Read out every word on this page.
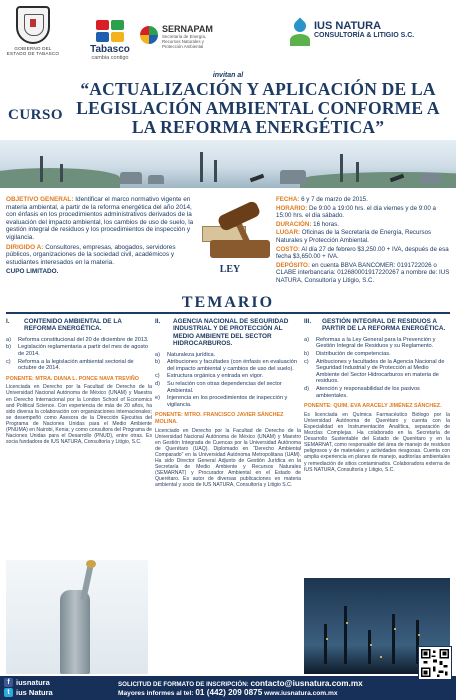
GOBIERNO DEL ESTADO DE TABASCO	Tabasco
cambia contigo
SERNAPAM
Secretaría de Energía, Recursos Naturales y Protección Ambiental
IUS NATURA
CONSULTORÍA & LITIGIO S.C.
invitan al
CURSO
“ACTUALIZACIÓN Y APLICACIÓN DE LA LEGISLACIÓN AMBIENTAL CONFORME A LA REFORMA ENERGÉTICA”

OBJETIVO GENERAL: Identificar el marco normativo vigente en materia ambiental, a partir de la reforma energética del año 2014, con énfasis en los procedimientos administrativos derivados de la evaluación del impacto ambiental, los cambios de uso de suelo, la gestión integral de residuos y los procedimientos de inspección y vigilancia.

DIRIGIDO A: Consultores, empresas, abogados, servidores públicos, organizaciones de la sociedad civil, académicos y estudiantes interesados en la materia.

CUPO LIMITADO.	LEY

FECHA: 6 y 7 de marzo de 2015.

HORARIO: De 9:00 a 19:00 hrs. el día viernes y de 9:00 a 15:00 hrs. el día sábado.

DURACIÓN: 16 horas.

LUGAR: Oficinas de la Secretaría de Energía, Recursos Naturales y Protección Ambiental.

COSTO: Al día 27 de febrero $3,250.00 + IVA, después de esa fecha $3,650.00 + IVA.

DEPÓSITO: en cuenta BBVA BANCOMER: 0191722026 o CLABE interbancaria: 012680001917220267 a nombre de: IUS NATURA, Consultoría y Litigio, S.C.

TEMARIO
I.	CONTENIDO AMBIENTAL DE LA REFORMA ENERGÉTICA.
a)	Reforma constitucional del 20 de diciembre de 2013.
b)	Legislación reglamentaria a partir del mes de agosto de 2014.
c)	Reforma a la legislación ambiental sectorial de octubre de 2014.
PONENTE: MTRA. DIANA L. PONCE NAVA TREVIÑO
Licenciada en Derecho por la Facultad de Derecho de la Universidad Nacional Autónoma de México (UNAM) y Maestra en Derecho Internacional por la London School of Economics and Political Science. Con experiencia de más de 20 años, ha sido diversa la colaboración con organizaciones internacionales; se desempeñó como Asesora de la Dirección Ejecutiva del Programa de Naciones Unidas para el Medio Ambiente (PNUMA) en Nairobi, Kenia; y como consultora del Programa de Naciones Unidas para el Desarrollo (PNUD), entre otras. Es socia fundadora de IUS NATURA, Consultoría y Litigio, S.C.
II.	AGENCIA NACIONAL DE SEGURIDAD INDUSTRIAL Y DE PROTECCIÓN AL MEDIO AMBIENTE DEL SECTOR HIDROCARBUROS.
a)	Naturaleza jurídica.
b)	Atribuciones y facultades (con énfasis en evaluación del impacto ambiental y cambios de uso del suelo).
c)	Estructura orgánica y entrada en vigor.
d)	Su relación con otras dependencias del sector Ambiental.
e)	Injerencia en los procedimientos de inspección y vigilancia.
PONENTE: MTRO. FRANCISCO JAVIER SÁNCHEZ MOLINA.
Licenciado en Derecho por la Facultad de Derecho de la Universidad Nacional Autónoma de México (UNAM) y Maestro en Gestión Integrada de Cuencas por la Universidad Autónoma de Querétaro (UAQ). Diplomado en “Derecho Ambiental Comparado” en la Universidad Autónoma Metropolitana (UAM). Ha sido Director General Adjunto de Gestión Jurídica en la Secretaría de Medio Ambiente y Recursos Naturales (SEMARNAT) y Procurador Ambiental en el Estado de Querétaro. Es autor de diversas publicaciones en materia ambiental y socio de IUS NATURA, Consultoría y Litigio S.C.
III.	GESTIÓN INTEGRAL DE RESIDUOS A PARTIR DE LA REFORMA ENERGÉTICA.
a)	Reformas a la Ley General para la Prevención y Gestión Integral de Residuos y su Reglamento.
b)	Distribución de competencias.
c)	Atribuciones y facultades de la Agencia Nacional de Seguridad Industrial y de Protección al Medio Ambiente del Sector Hidrocarburos en materia de residuos.
d)	Atención y responsabilidad de los pasivos ambientales.
PONENTE: QUIM. EVA ARACELY JIMÉNEZ SÁNCHEZ.
Es licenciada en Química Farmacéutico Biólogo por la Universidad Autónoma de Querétaro y cuenta con la Especialidad en Instrumentación Analítica, separación de Mezclas Complejas. Ha colaborado en la Secretaría de Desarrollo Sustentable del Estado de Querétaro y en la SEMARNAT, como responsable del área de manejo de residuos peligrosos y de materiales y actividades riesgosas. Cuenta con amplia experiencia en planes de manejo, auditorías ambientales y remediación de sitios contaminados. Colaboradora externa de IUS NATURA, Consultoría y Litigio, S.C.
f iusnatura
t ius Natura
SOLICITUD DE FORMATO DE INSCRIPCIÓN: contacto@iusnatura.com.mx
Mayores informes al tel: 01 (442) 209 0875 www.iusnatura.com.mx
